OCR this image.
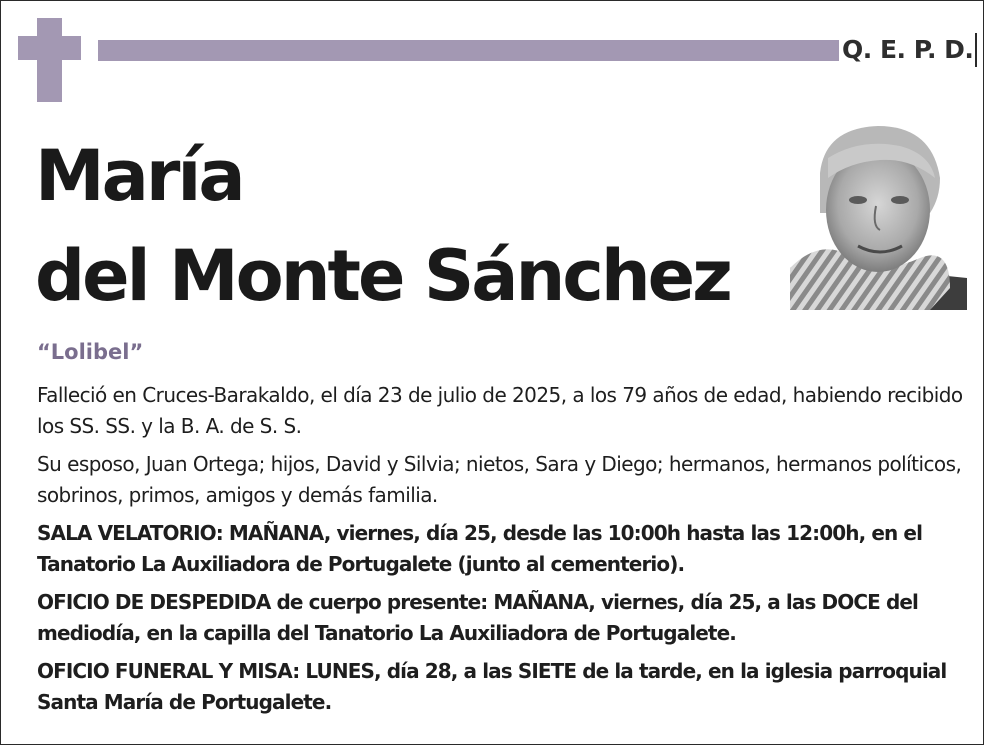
Q. E. P. D.
María
del Monte Sánchez
“Lolibel”

Falleció en Cruces-Barakaldo, el día 23 de julio de 2025, a los 79 años de edad, habiendo recibido los SS. SS. y la B. A. de S. S.

Su esposo, Juan Ortega; hijos, David y Silvia; nietos, Sara y Diego; hermanos, hermanos políticos, sobrinos, primos, amigos y demás familia.

SALA VELATORIO: MAÑANA, viernes, día 25, desde las 10:00h hasta las 12:00h, en el Tanatorio La Auxiliadora de Portugalete (junto al cementerio).

OFICIO DE DESPEDIDA de cuerpo presente: MAÑANA, viernes, día 25, a las DOCE del mediodía, en la capilla del Tanatorio La Auxiliadora de Portugalete.

OFICIO FUNERAL Y MISA: LUNES, día 28, a las SIETE de la tarde, en la iglesia parroquial Santa María de Portugalete.
